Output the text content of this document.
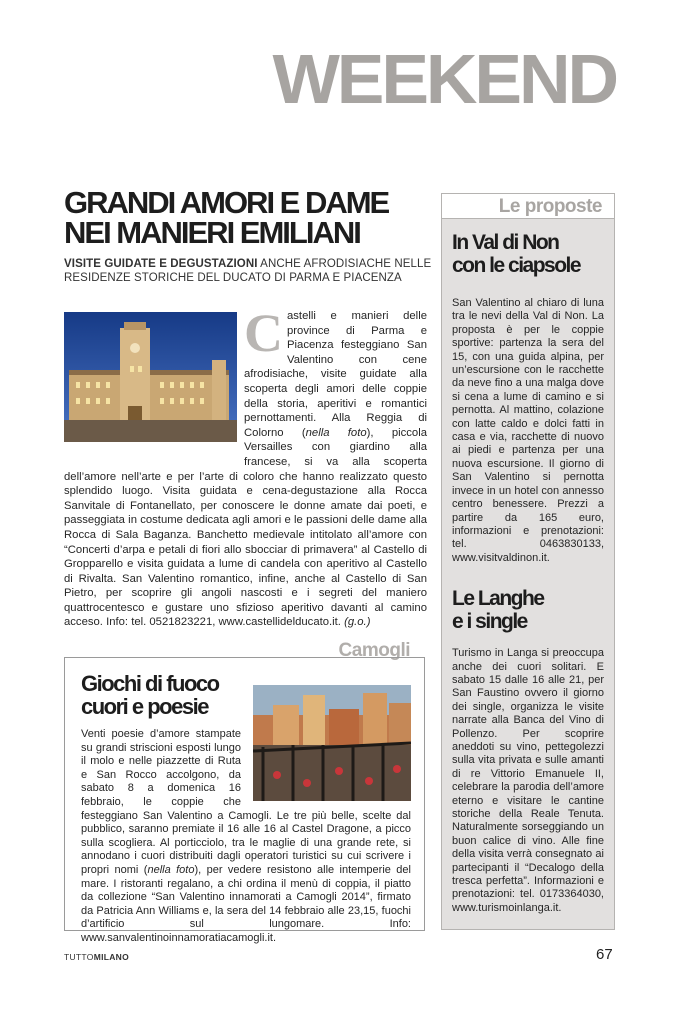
WEEKEND
GRANDI AMORI E DAME
NEI MANIERI EMILIANI
VISITE GUIDATE E DEGUSTAZIONI ANCHE AFRODISIACHE NELLE RESIDENZE STORICHE DEL DUCATO DI PARMA E PIACENZA
Castelli e manieri delle province di Parma e Piacenza festeggiano San Valentino con cene afrodisiache, visite guidate alla scoperta degli amori delle coppie della storia, aperitivi e romantici pernottamenti. Alla Reggia di Colorno (nella foto), piccola Versailles con giardino alla francese, si va alla scoperta dell’amore nell’arte e per l’arte di coloro che hanno realizzato questo splendido luogo. Visita guidata e cena-degustazione alla Rocca Sanvitale di Fontanellato, per conoscere le donne amate dai poeti, e passeggiata in costume dedicata agli amori e le passioni delle dame alla Rocca di Sala Baganza. Banchetto medievale intitolato all’amore con “Concerti d’arpa e petali di fiori allo sbocciar di primavera” al Castello di Gropparello e visita guidata a lume di candela con aperitivo al Castello di Rivalta. San Valentino romantico, infine, anche al Castello di San Pietro, per scoprire gli angoli nascosti e i segreti del maniero quattrocentesco e gustare uno sfizioso aperitivo davanti al camino acceso. Info: tel. 0521823221, www.castellidelducato.it. (g.o.)
Camogli
Giochi di fuoco
cuori e poesie
Venti poesie d’amore stampate su grandi striscioni esposti lungo il molo e nelle piazzette di Ruta e San Rocco accolgono, da sabato 8 a domenica 16 febbraio, le coppie che festeggiano San Valentino a Camogli. Le tre più belle, scelte dal pubblico, saranno premiate il 16 alle 16 al Castel Dragone, a picco sulla scogliera. Al porticciolo, tra le maglie di una grande rete, si annodano i cuori distribuiti dagli operatori turistici su cui scrivere i propri nomi (nella foto), per vedere resistono alle intemperie del mare. I ristoranti regalano, a chi ordina il menù di coppia, il piatto da collezione “San Valentino innamorati a Camogli 2014”, firmato da Patricia Ann Williams e, la sera del 14 febbraio alle 23,15, fuochi d’artificio sul lungomare. Info: www.sanvalentinoinnamoratiacamogli.it.
Le proposte
In Val di Non
con le ciapsole
San Valentino al chiaro di luna tra le nevi della Val di Non. La proposta è per le coppie sportive: partenza la sera del 15, con una guida alpina, per un’escursione con le racchette da neve fino a una malga dove si cena a lume di camino e si pernotta. Al mattino, colazione con latte caldo e dolci fatti in casa e via, racchette di nuovo ai piedi e partenza per una nuova escursione. Il giorno di San Valentino si pernotta invece in un hotel con annesso centro benessere. Prezzi a partire da 165 euro, informazioni e prenotazioni: tel. 0463830133, www.visitvaldinon.it.
Le Langhe
e i single
Turismo in Langa si preoccupa anche dei cuori solitari. E sabato 15 dalle 16 alle 21, per San Faustino ovvero il giorno dei single, organizza le visite narrate alla Banca del Vino di Pollenzo. Per scoprire aneddoti su vino, pettegolezzi sulla vita privata e sulle amanti di re Vittorio Emanuele II, celebrare la parodia dell’amore eterno e visitare le cantine storiche della Reale Tenuta. Naturalmente sorseggiando un buon calice di vino. Alle fine della visita verrà consegnato ai partecipanti il “Decalogo della tresca perfetta”. Informazioni e prenotazioni: tel. 0173364030, www.turismoinlanga.it.
TUTTOMILANO	67
